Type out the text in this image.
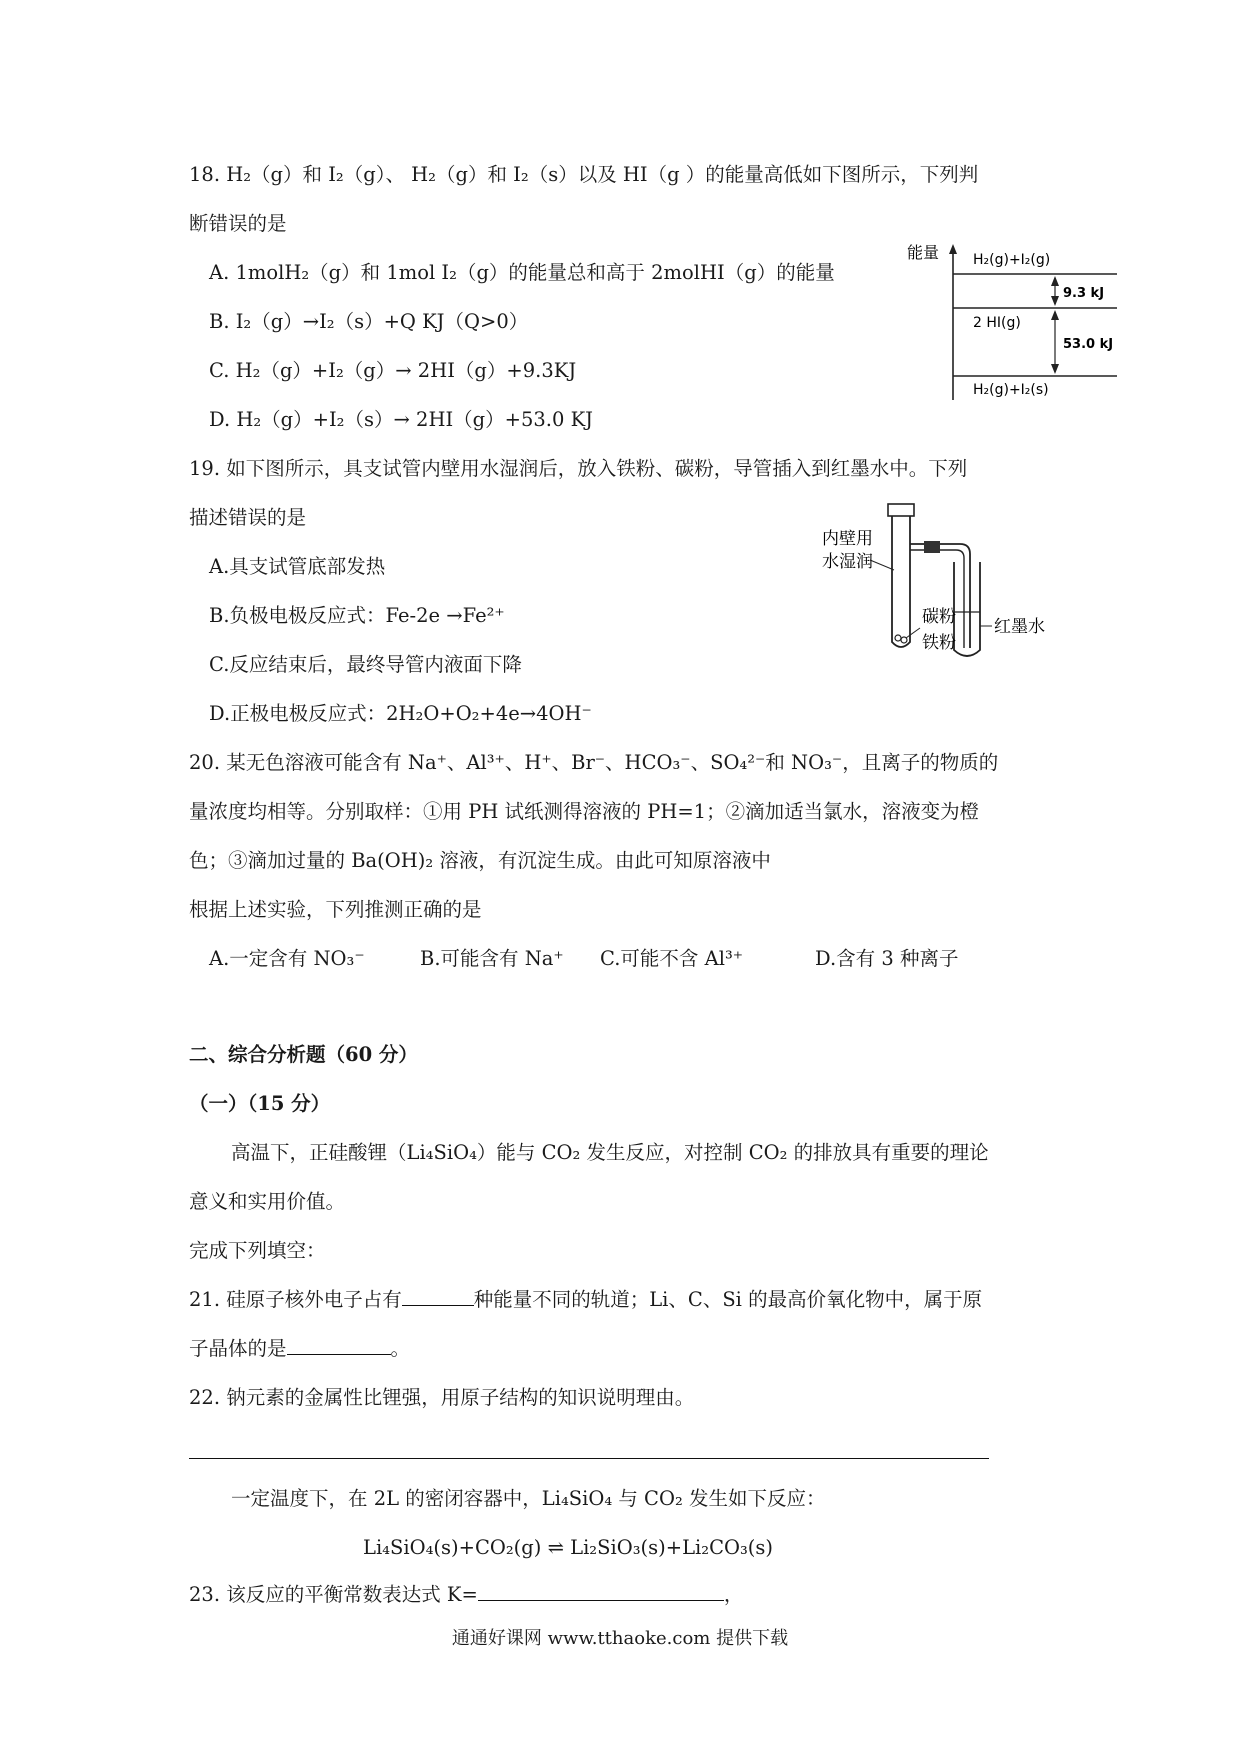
18. H₂（g）和 I₂（g）、 H₂（g）和 I₂（s）以及 HI（g ）的能量高低如下图所示，下列判
断错误的是
A. 1molH₂（g）和 1mol I₂（g）的能量总和高于 2molHI（g）的能量
B. I₂（g）→I₂（s）+Q KJ（Q>0）
C. H₂（g）+I₂（g）→ 2HI（g）+9.3KJ
D. H₂（g）+I₂（s）→ 2HI（g）+53.0 KJ
能量 H₂(g)+I₂(g)
2 HI(g)
H₂(g)+I₂(s)
9.3 kJ
53.0 kJ
19. 如下图所示，具支试管内壁用水湿润后，放入铁粉、碳粉，导管插入到红墨水中。下列
描述错误的是
A.具支试管底部发热
B.负极电极反应式：Fe-2e →Fe²⁺
C.反应结束后，最终导管内液面下降
D.正极电极反应式：2H₂O+O₂+4e→4OH⁻
内壁用
水湿润
碳粉
铁粉
红墨水
20. 某无色溶液可能含有 Na⁺、Al³⁺、H⁺、Br⁻、HCO₃⁻、SO₄²⁻和 NO₃⁻，且离子的物质的
量浓度均相等。分别取样：①用 PH 试纸测得溶液的 PH=1；②滴加适当氯水，溶液变为橙
色；③滴加过量的 Ba(OH)₂ 溶液，有沉淀生成。由此可知原溶液中
根据上述实验，下列推测正确的是
A.一定含有 NO₃⁻	B.可能含有 Na⁺ C.可能不含 Al³⁺	D.含有 3 种离子
二、综合分析题（60 分）
（一）（15 分）
高温下，正硅酸锂（Li₄SiO₄）能与 CO₂ 发生反应，对控制 CO₂ 的排放具有重要的理论
意义和实用价值。
完成下列填空：
21. 硅原子核外电子占有	种能量不同的轨道；Li、C、Si 的最高价氧化物中，属于原
子晶体的是	。
22. 钠元素的金属性比锂强，用原子结构的知识说明理由。
一定温度下，在 2L 的密闭容器中，Li₄SiO₄ 与 CO₂ 发生如下反应：
Li₄SiO₄(s)+CO₂(g) ⇌ Li₂SiO₃(s)+Li₂CO₃(s)
23. 该反应的平衡常数表达式 K=	，
通通好课网 www.tthaoke.com 提供下载
